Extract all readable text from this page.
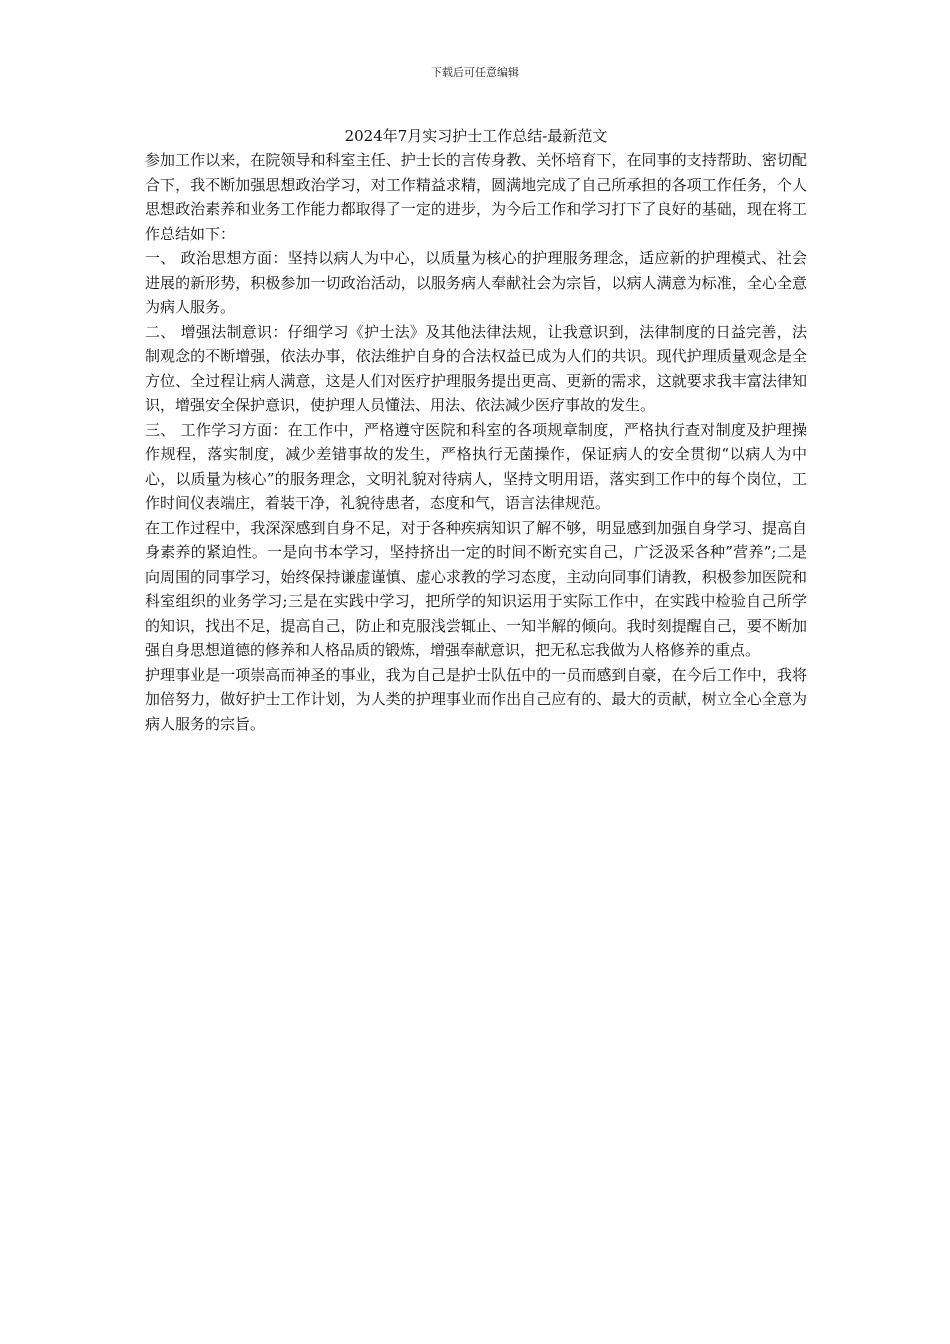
下载后可任意编辑
2024年7月实习护士工作总结-最新范文

参加工作以来，在院领导和科室主任、护士长的言传身教、关怀培育下，在同事的支持帮助、密切配合下，我不断加强思想政治学习，对工作精益求精，圆满地完成了自己所承担的各项工作任务，个人思想政治素养和业务工作能力都取得了一定的进步，为今后工作和学习打下了良好的基础，现在将工作总结如下：

一、 政治思想方面：坚持以病人为中心，以质量为核心的护理服务理念，适应新的护理模式、社会进展的新形势，积极参加一切政治活动，以服务病人奉献社会为宗旨，以病人满意为标准，全心全意为病人服务。

二、 增强法制意识：仔细学习《护士法》及其他法律法规，让我意识到，法律制度的日益完善，法制观念的不断增强，依法办事，依法维护自身的合法权益已成为人们的共识。现代护理质量观念是全方位、全过程让病人满意，这是人们对医疗护理服务提出更高、更新的需求，这就要求我丰富法律知识，增强安全保护意识，使护理人员懂法、用法、依法减少医疗事故的发生。

三、 工作学习方面：在工作中，严格遵守医院和科室的各项规章制度，严格执行查对制度及护理操作规程，落实制度，减少差错事故的发生，严格执行无菌操作，保证病人的安全贯彻“以病人为中心，以质量为核心”的服务理念，文明礼貌对待病人，坚持文明用语，落实到工作中的每个岗位，工作时间仪表端庄，着装干净，礼貌待患者，态度和气，语言法律规范。

在工作过程中，我深深感到自身不足，对于各种疾病知识了解不够，明显感到加强自身学习、提高自身素养的紧迫性。一是向书本学习，坚持挤出一定的时间不断充实自己，广泛汲采各种”营养”;二是向周围的同事学习，始终保持谦虚谨慎、虚心求教的学习态度，主动向同事们请教，积极参加医院和科室组织的业务学习;三是在实践中学习，把所学的知识运用于实际工作中，在实践中检验自己所学的知识，找出不足，提高自己，防止和克服浅尝辄止、一知半解的倾向。我时刻提醒自己，要不断加强自身思想道德的修养和人格品质的锻炼，增强奉献意识，把无私忘我做为人格修养的重点。

护理事业是一项崇高而神圣的事业，我为自己是护士队伍中的一员而感到自豪，在今后工作中，我将加倍努力，做好护士工作计划，为人类的护理事业而作出自己应有的、最大的贡献，树立全心全意为病人服务的宗旨。
